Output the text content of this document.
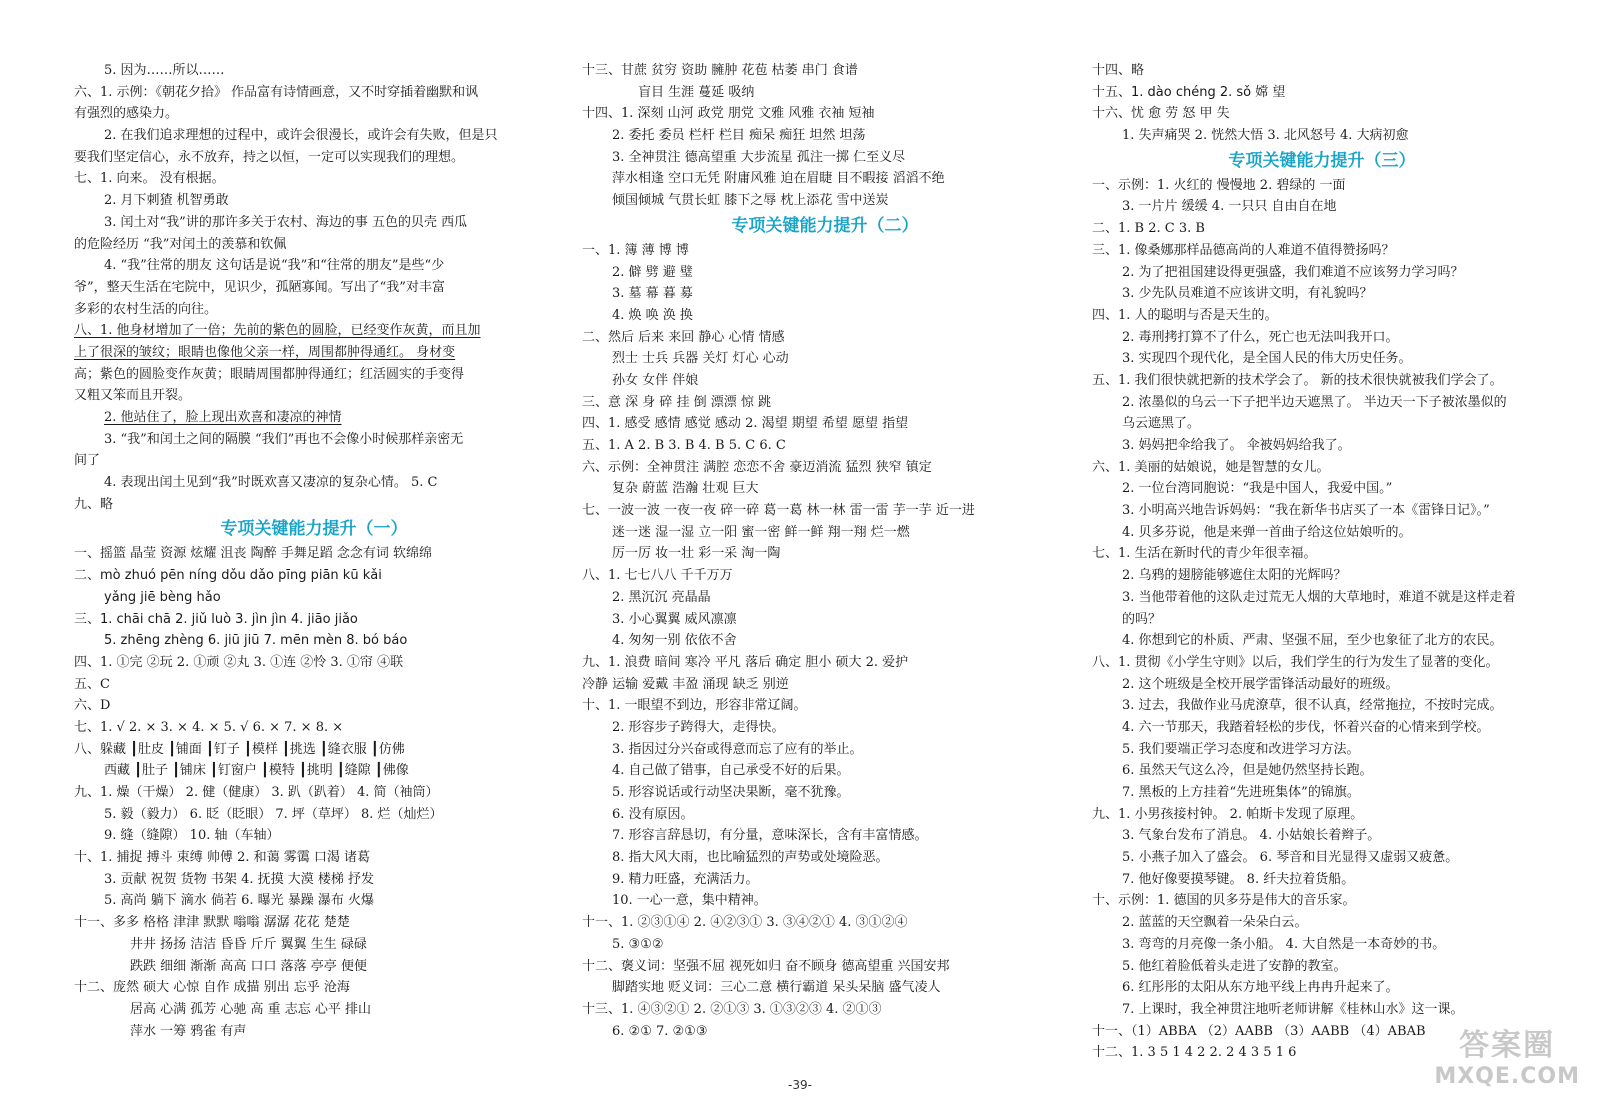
5. 因为……所以……
六、1. 示例：《朝花夕拾》 作品富有诗情画意，又不时穿插着幽默和讽
有强烈的感染力。
2. 在我们追求理想的过程中，或许会很漫长，或许会有失败，但是只
要我们坚定信心，永不放弃，持之以恒，一定可以实现我们的理想。
七、1. 向来。 没有根据。
2. 月下刺猹 机智勇敢
3. 闰土对“我”讲的那许多关于农村、海边的事 五色的贝壳 西瓜
的危险经历 “我”对闰土的羡慕和钦佩
4. “我”往常的朋友 这句话是说“我”和“往常的朋友”是些“少
爷”，整天生活在宅院中，见识少，孤陋寡闻。写出了“我”对丰富
多彩的农村生活的向往。
八、1. 他身材增加了一倍；先前的紫色的圆脸，已经变作灰黄，而且加
上了很深的皱纹；眼睛也像他父亲一样，周围都肿得通红。 身材变
高；紫色的圆脸变作灰黄；眼睛周围都肿得通红；红活圆实的手变得
又粗又笨而且开裂。
2. 他站住了，脸上现出欢喜和凄凉的神情
3. “我”和闰土之间的隔膜 “我们”再也不会像小时候那样亲密无
间了
4. 表现出闰土见到“我”时既欢喜又凄凉的复杂心情。 5. C
九、略
专项关键能力提升（一）
一、摇篮 晶莹 资源 炫耀 沮丧 陶醉 手舞足蹈 念念有词 软绵绵
二、mò zhuó pēn níng dǒu dǎo pīng piān kū kǎi
yǎng jiē bèng hǎo
三、1. chāi chā 2. jiǔ luò 3. jìn jìn 4. jiāo jiǎo
5. zhēng zhèng 6. jiū jiū 7. mēn mèn 8. bó báo
四、1. ①完 ②玩 2. ①顽 ②丸 3. ①连 ②怜 3. ①帘 ④联
五、C
六、D
七、1. √ 2. × 3. × 4. × 5. √ 6. × 7. × 8. ×
八、躲藏 ┃肚皮 ┃铺面 ┃钉子 ┃模样 ┃挑选 ┃缝衣服 ┃仿佛
西藏 ┃肚子 ┃铺床 ┃钉窗户 ┃模特 ┃挑明 ┃缝隙 ┃佛像
九、1. 燥（干燥） 2. 健（健康） 3. 趴（趴着） 4. 简（袖筒）
5. 毅（毅力） 6. 眨（眨眼） 7. 坪（草坪） 8. 烂（灿烂）
9. 缝（缝隙） 10. 轴（车轴）
十、1. 捕捉 搏斗 束缚 帅傅 2. 和蔼 雾霭 口渴 诸葛
3. 贡献 祝贺 货物 书架 4. 抚摸 大漠 楼梯 抒发
5. 高尚 躺下 滴水 倘若 6. 曝光 暴躁 瀑布 火爆
十一、多多 格格 津津 默默 嗡嗡 潺潺 花花 楚楚
井井 扬扬 洁洁 昏昏 斤斤 翼翼 生生 碌碌
跌跌 细细 渐渐 高高 口口 落落 亭亭 便便
十二、庞然 硕大 心惊 自作 成描 别出 忘乎 沧海
居高 心满 孤芳 心驰 高 重 志忘 心平 排山
萍水 一筹 鸦雀 有声
十三、甘蔗 贫穷 资助 臃肿 花苞 枯萎 串门 食谱
盲目 生涯 蔓延 吸纳
十四、1. 深刻 山河 政党 朋党 文雅 风雅 衣袖 短袖
2. 委托 委员 栏杆 栏目 痴呆 痴狂 坦然 坦荡
3. 全神贯注 德高望重 大步流星 孤注一掷 仁至义尽
萍水相逢 空口无凭 附庸风雅 迫在眉睫 目不暇接 滔滔不绝
倾国倾城 气贯长虹 膝下之辱 枕上添花 雪中送炭
专项关键能力提升（二）
一、1. 簿 薄 博 博
2. 僻 劈 避 璧
3. 墓 幕 暮 募
4. 焕 唤 涣 换
二、然后 后来 来回 静心 心情 情感
烈士 士兵 兵器 关灯 灯心 心动
孙女 女伴 伴娘
三、意 深 身 碎 挂 倒 漂漂 惊 跳
四、1. 感受 感情 感觉 感动 2. 渴望 期望 希望 愿望 指望
五、1. A 2. B 3. B 4. B 5. C 6. C
六、示例：全神贯注 满腔 恋恋不舍 豪迈消流 猛烈 狭窄 镇定
复杂 蔚蓝 浩瀚 壮观 巨大
七、一波一波 一夜一夜 碎一碎 葛一葛 林一林 雷一雷 芋一芋 近一进
迷一迷 湿一湿 立一阳 蜜一密 鲜一鲜 翔一翔 烂一燃
厉一厉 妆一壮 彩一采 淘一陶
八、1. 七七八八 千千万万
2. 黑沉沉 亮晶晶
3. 小心翼翼 威风凛凛
4. 匆匆一别 依依不舍
九、1. 浪费 暗间 寒冷 平凡 落后 确定 胆小 硕大 2. 爱护
冷静 运输 爱戴 丰盈 涌现 缺乏 别逆
十、1. 一眼望不到边，形容非常辽阔。
2. 形容步子跨得大，走得快。
3. 指因过分兴奋或得意而忘了应有的举止。
4. 自己做了错事，自己承受不好的后果。
5. 形容说话或行动坚决果断，毫不犹豫。
6. 没有原因。
7. 形容言辞恳切，有分量，意味深长，含有丰富情感。
8. 指大风大雨，也比喻猛烈的声势或处境险恶。
9. 精力旺盛，充满活力。
10. 一心一意，集中精神。
十一、1. ②③①④ 2. ④②③① 3. ③④②① 4. ③①②④
5. ③①②
十二、褒义词：坚强不屈 视死如归 奋不顾身 德高望重 兴国安邦
脚踏实地 贬义词：三心二意 横行霸道 呆头呆脑 盛气凌人
十三、1. ④③②① 2. ②①③ 3. ①③②③ 4. ②①③
6. ②① 7. ②①③
十四、略
十五、1. dào chéng 2. sǒ 嫦 望
十六、忧 愈 劳 怒 甲 失
1. 失声痛哭 2. 恍然大悟 3. 北风怒号 4. 大病初愈
专项关键能力提升（三）
一、示例：1. 火红的 慢慢地 2. 碧绿的 一面
3. 一片片 缓缓 4. 一只只 自由自在地
二、1. B 2. C 3. B
三、1. 像桑娜那样品德高尚的人难道不值得赞扬吗？
2. 为了把祖国建设得更强盛，我们难道不应该努力学习吗？
3. 少先队员难道不应该讲文明，有礼貌吗？
四、1. 人的聪明与否是天生的。
2. 毒刑拷打算不了什么，死亡也无法叫我开口。
3. 实现四个现代化，是全国人民的伟大历史任务。
五、1. 我们很快就把新的技术学会了。 新的技术很快就被我们学会了。
2. 浓墨似的乌云一下子把半边天遮黑了。 半边天一下子被浓墨似的
乌云遮黑了。
3. 妈妈把伞给我了。 伞被妈妈给我了。
六、1. 美丽的姑娘说，她是智慧的女儿。
2. 一位台湾同胞说：“我是中国人，我爱中国。”
3. 小明高兴地告诉妈妈：“我在新华书店买了一本《雷锋日记》。”
4. 贝多芬说，他是来弹一首曲子给这位姑娘听的。
七、1. 生活在新时代的青少年很幸福。
2. 乌鸦的翅膀能够遮住太阳的光辉吗？
3. 当他带着他的这队走过荒无人烟的大草地时，难道不就是这样走着
的吗？
4. 你想到它的朴质、严肃、坚强不屈，至少也象征了北方的农民。
八、1. 贯彻《小学生守则》以后，我们学生的行为发生了显著的变化。
2. 这个班级是全校开展学雷锋活动最好的班级。
3. 过去，我做作业马虎潦草，很不认真，经常拖拉，不按时完成。
4. 六一节那天，我踏着轻松的步伐，怀着兴奋的心情来到学校。
5. 我们要端正学习态度和改进学习方法。
6. 虽然天气这么冷，但是她仍然坚持长跑。
7. 黑板的上方挂着“先进班集体”的锦旗。
九、1. 小男孩接村钟。 2. 帕斯卡发现了原理。
3. 气象台发布了消息。 4. 小姑娘长着辫子。
5. 小燕子加入了盛会。 6. 琴音和目光显得又虚弱又疲惫。
7. 他好像要摸琴键。 8. 纤夫拉着货船。
十、示例：1. 德国的贝多芬是伟大的音乐家。
2. 蓝蓝的天空飘着一朵朵白云。
3. 弯弯的月亮像一条小船。 4. 大自然是一本奇妙的书。
5. 他红着脸低着头走进了安静的教室。
6. 红彤彤的太阳从东方地平线上冉冉升起来了。
7. 上课时，我全神贯注地听老师讲解《桂林山水》这一课。
十一、（1）ABBA （2）AABB （3）AABB （4）ABAB
十二、1. 3 5 1 4 2 2. 2 4 3 5 1 6
-39-
答案圈
MXQE.COM
